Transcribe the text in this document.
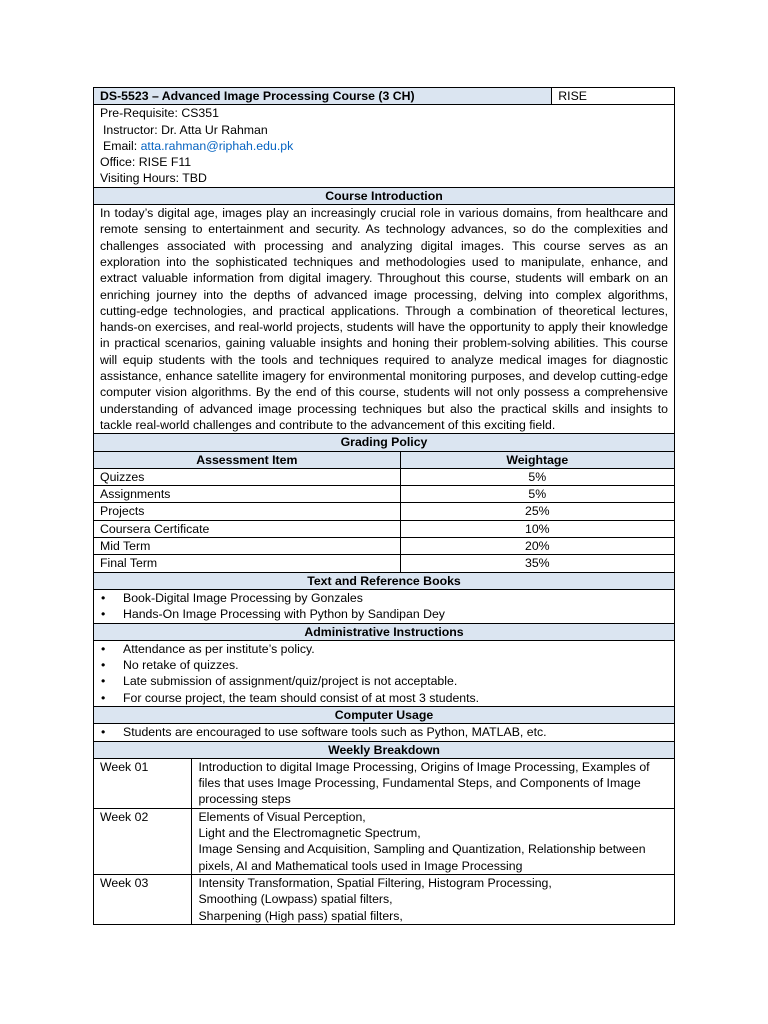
DS-5523 – Advanced Image Processing Course (3 CH)			RISE

Pre-Requisite: CS351
Instructor: Dr. Atta Ur Rahman
Email: atta.rahman@riphah.edu.pk
Office: RISE F11
Visiting Hours: TBD			

Course Introduction			
In today’s digital age, images play an increasingly crucial role in various domains, from healthcare and remote sensing to entertainment and security. As technology advances, so do the complexities and challenges associated with processing and analyzing digital images. This course serves as an exploration into the sophisticated techniques and methodologies used to manipulate, enhance, and extract valuable information from digital imagery. Throughout this course, students will embark on an enriching journey into the depths of advanced image processing, delving into complex algorithms, cutting-edge technologies, and practical applications. Through a combination of theoretical lectures, hands-on exercises, and real-world projects, students will have the opportunity to apply their knowledge in practical scenarios, gaining valuable insights and honing their problem-solving abilities. This course will equip students with the tools and techniques required to analyze medical images for diagnostic assistance, enhance satellite imagery for environmental monitoring purposes, and develop cutting-edge computer vision algorithms. By the end of this course, students will not only possess a comprehensive understanding of advanced image processing techniques but also the practical skills and insights to tackle real-world challenges and contribute to the advancement of this exciting field.			
Grading Policy			
Assessment Item		Weightage	
Quizzes		5%	
Assignments		5%	
Projects		25%	
Coursera Certificate		10%	
Mid Term		20%	
Final Term		35%	
Text and Reference Books			

• Book-Digital Image Processing by Gonzales
• Hands-On Image Processing with Python by Sandipan Dey

Administrative Instructions			

• Attendance as per institute’s policy.
• No retake of quizzes.
• Late submission of assignment/quiz/project is not acceptable.
• For course project, the team should consist of at most 3 students.

Computer Usage			

• Students are encouraged to use software tools such as Python, MATLAB, etc.

Weekly Breakdown			
Week 01	Introduction to digital Image Processing, Origins of Image Processing, Examples of files that uses Image Processing, Fundamental Steps, and Components of Image processing steps		

Week 02	Elements of Visual Perception,
Light and the Electromagnetic Spectrum,
Image Sensing and Acquisition, Sampling and Quantization, Relationship between pixels, AI and Mathematical tools used in Image Processing		

Week 03	Intensity Transformation, Spatial Filtering, Histogram Processing,
Smoothing (Lowpass) spatial filters,
Sharpening (High pass) spatial filters,		
